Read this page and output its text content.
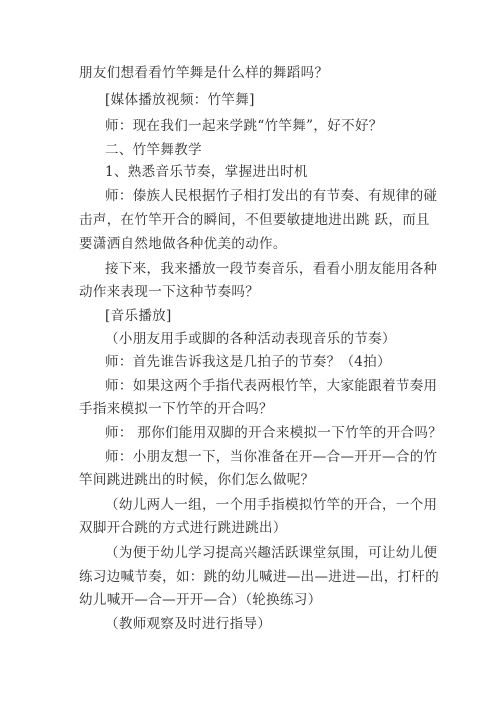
朋友们想看看竹竿舞是什么样的舞蹈吗？
[媒体播放视频：竹竿舞]
师：现在我们一起来学跳“竹竿舞”，好不好？
二、竹竿舞教学
1、熟悉音乐节奏，掌握进出时机
师：傣族人民根据竹子相打发出的有节奏、有规律的碰
击声，在竹竿开合的瞬间，不但要敏捷地进出跳 跃，而且
要潇洒自然地做各种优美的动作。
接下来，我来播放一段节奏音乐，看看小朋友能用各种
动作来表现一下这种节奏吗？
[音乐播放]
（小朋友用手或脚的各种活动表现音乐的节奏）
师：首先谁告诉我这是几拍子的节奏？（4拍）
师：如果这两个手指代表两根竹竿，大家能跟着节奏用
手指来模拟一下竹竿的开合吗？
师： 那你们能用双脚的开合来模拟一下竹竿的开合吗？
师：小朋友想一下，当你准备在开—合—开开—合的竹
竿间跳进跳出的时候，你们怎么做呢？
（幼儿两人一组，一个用手指模拟竹竿的开合，一个用
双脚开合跳的方式进行跳进跳出）
（为便于幼儿学习提高兴趣活跃课堂氛围，可让幼儿便
练习边喊节奏，如：跳的幼儿喊进—出—进进—出，打杆的
幼儿喊开—合—开开—合）（轮换练习）
（教师观察及时进行指导）
